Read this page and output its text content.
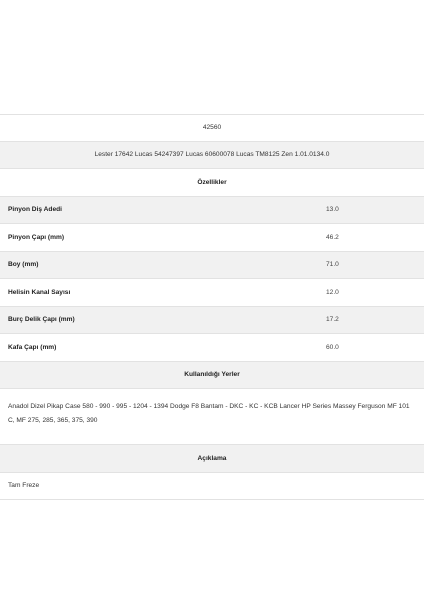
42560
Lester 17642 Lucas 54247397 Lucas 60600078 Lucas TM8125 Zen 1.01.0134.0
Özellikler
Pinyon Diş Adedi	13.0
Pinyon Çapı (mm)	46.2
Boy (mm)	71.0
Helisin Kanal Sayısı	12.0
Burç Delik Çapı (mm)	17.2
Kafa Çapı (mm)	60.0
Kullanıldığı Yerler
Anadol Dizel Pikap Case 580 - 990 - 995 - 1204 - 1394 Dodge F8 Bantam - DKC - KC - KCB Lancer HP Series Massey Ferguson MF 101 C, MF 275, 285, 365, 375, 390
Açıklama
Tam Freze
